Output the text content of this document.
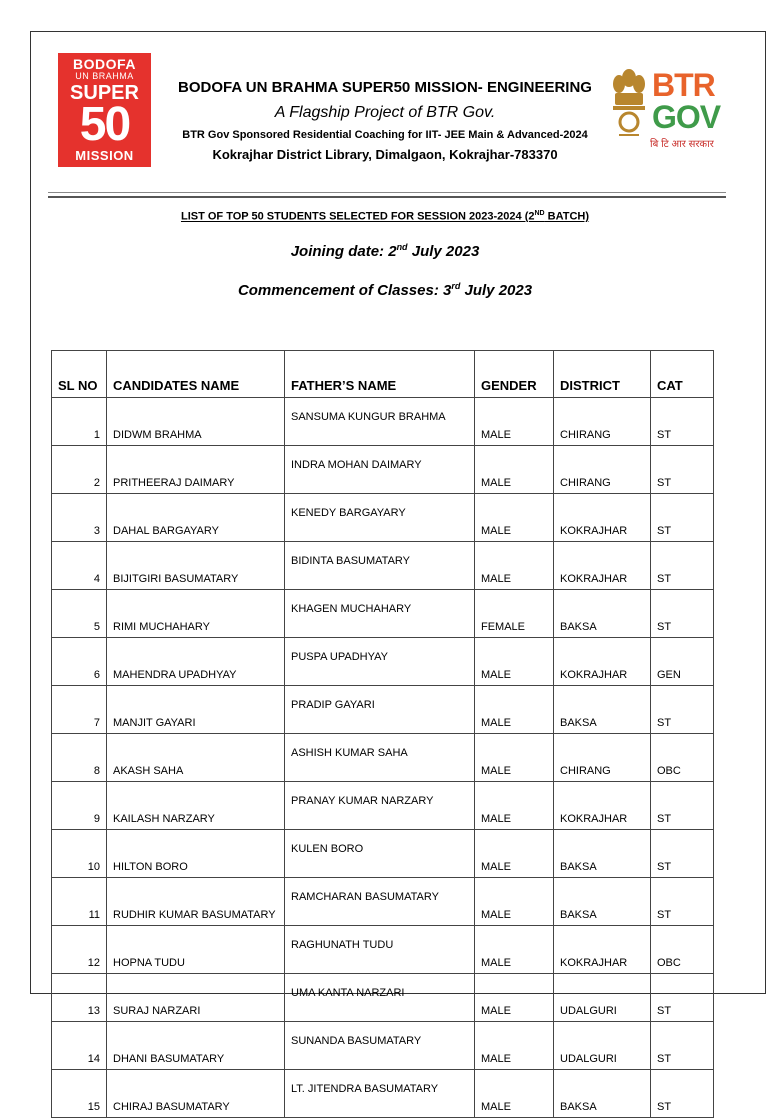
BODOFA
UN BRAHMA
SUPER
50
MISSION
BODOFA UN BRAHMA SUPER50 MISSION- ENGINEERING
A Flagship Project of BTR Gov.
BTR Gov Sponsored Residential Coaching for IIT- JEE Main & Advanced-2024
Kokrajhar District Library, Dimalgaon, Kokrajhar-783370
BTR
GOV
बि टि आर सरकार
LIST OF TOP 50 STUDENTS SELECTED FOR SESSION 2023-2024 (2ND BATCH)
Joining date: 2nd July 2023
Commencement of Classes: 3rd July 2023
SL NO	CANDIDATES NAME	FATHER’S NAME	GENDER	DISTRICT	CAT
1	DIDWM BRAHMA	SANSUMA KUNGUR BRAHMA	MALE	CHIRANG	ST
2	PRITHEERAJ DAIMARY	INDRA MOHAN DAIMARY	MALE	CHIRANG	ST
3	DAHAL BARGAYARY	KENEDY BARGAYARY	MALE	KOKRAJHAR	ST
4	BIJITGIRI BASUMATARY	BIDINTA BASUMATARY	MALE	KOKRAJHAR	ST
5	RIMI MUCHAHARY	KHAGEN MUCHAHARY	FEMALE	BAKSA	ST
6	MAHENDRA UPADHYAY	PUSPA UPADHYAY	MALE	KOKRAJHAR	GEN
7	MANJIT GAYARI	PRADIP GAYARI	MALE	BAKSA	ST
8	AKASH SAHA	ASHISH KUMAR SAHA	MALE	CHIRANG	OBC
9	KAILASH NARZARY	PRANAY KUMAR NARZARY	MALE	KOKRAJHAR	ST
10	HILTON BORO	KULEN BORO	MALE	BAKSA	ST
11	RUDHIR KUMAR BASUMATARY	RAMCHARAN BASUMATARY	MALE	BAKSA	ST
12	HOPNA TUDU	RAGHUNATH TUDU	MALE	KOKRAJHAR	OBC
13	SURAJ NARZARI	UMA KANTA NARZARI	MALE	UDALGURI	ST
14	DHANI BASUMATARY	SUNANDA BASUMATARY	MALE	UDALGURI	ST
15	CHIRAJ BASUMATARY	LT. JITENDRA BASUMATARY	MALE	BAKSA	ST
